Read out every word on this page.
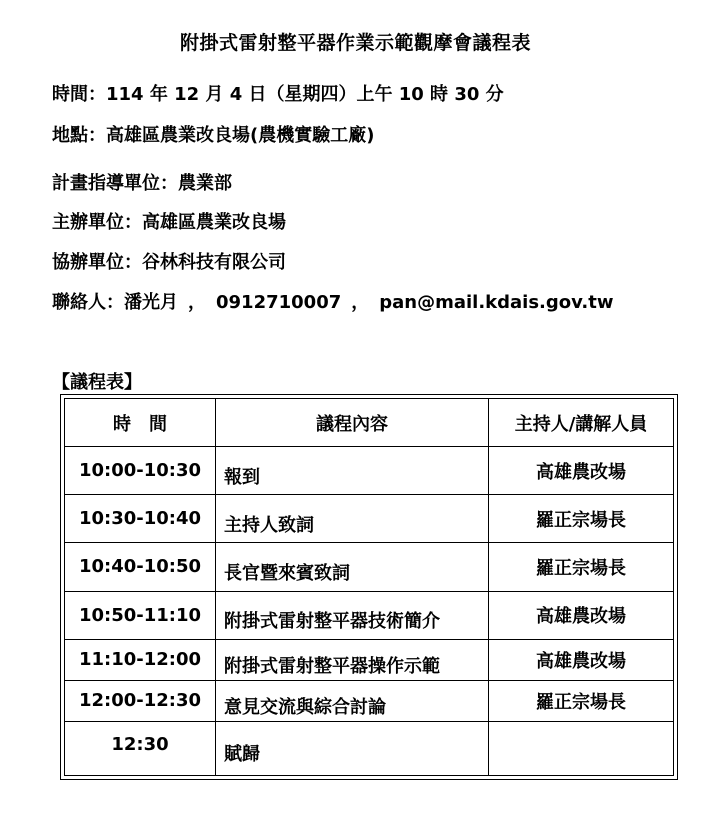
附掛式雷射整平器作業示範觀摩會議程表
時間：114 年 12 月 4 日（星期四）上午 10 時 30 分
地點：高雄區農業改良場(農機實驗工廠)
計畫指導單位：農業部
主辦單位：高雄區農業改良場
協辦單位：谷林科技有限公司
聯絡人：潘光月 ， 0912710007 ， pan@mail.kdais.gov.tw
【議程表】
時　間	議程內容	主持人/講解人員
10:00-10:30	報到	高雄農改場
10:30-10:40	主持人致詞	羅正宗場長
10:40-10:50	長官暨來賓致詞	羅正宗場長
10:50-11:10	附掛式雷射整平器技術簡介	高雄農改場
11:10-12:00	附掛式雷射整平器操作示範	高雄農改場
12:00-12:30	意見交流與綜合討論	羅正宗場長
12:30	賦歸	
